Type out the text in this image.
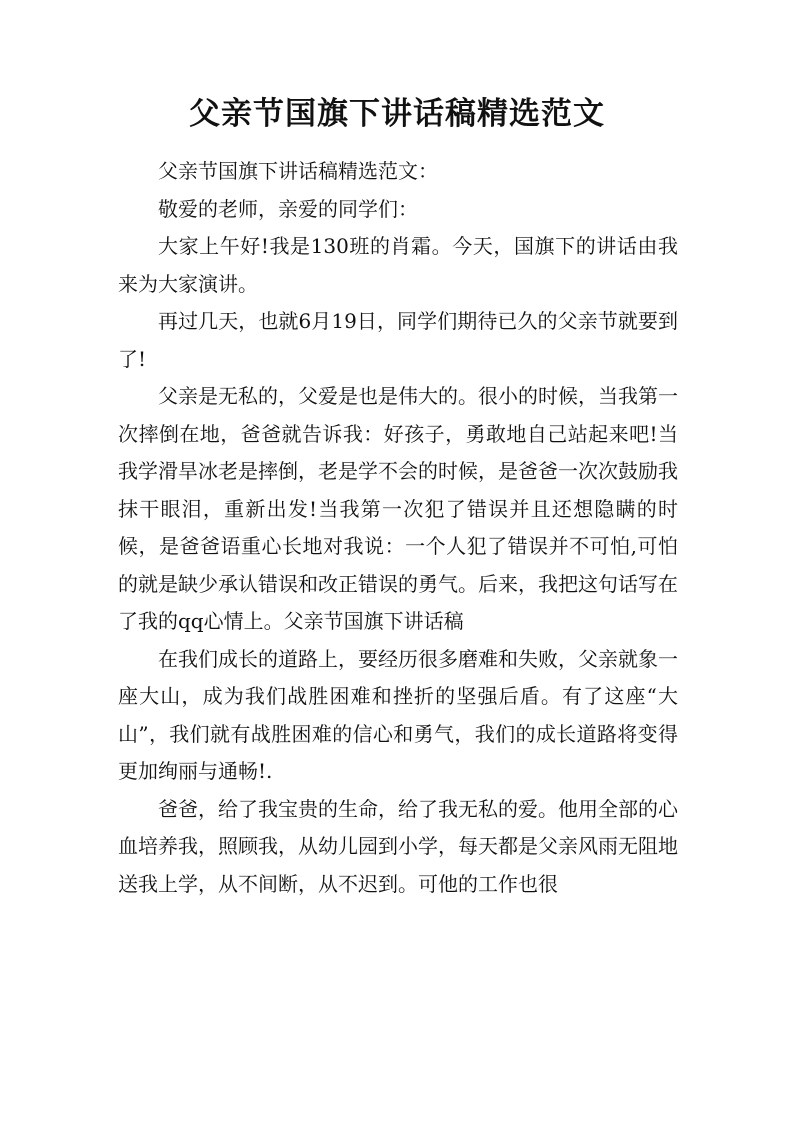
父亲节国旗下讲话稿精选范文

父亲节国旗下讲话稿精选范文：

敬爱的老师，亲爱的同学们：

大家上午好!我是130班的肖霜。今天，国旗下的讲话由我来为大家演讲。

再过几天，也就6月19日，同学们期待已久的父亲节就要到了!

父亲是无私的，父爱是也是伟大的。很小的时候，当我第一次摔倒在地，爸爸就告诉我：好孩子，勇敢地自己站起来吧!当我学滑旱冰老是摔倒，老是学不会的时候，是爸爸一次次鼓励我抹干眼泪，重新出发!当我第一次犯了错误并且还想隐瞒的时候，是爸爸语重心长地对我说：一个人犯了错误并不可怕,可怕的就是缺少承认错误和改正错误的勇气。后来，我把这句话写在了我的qq心情上。父亲节国旗下讲话稿

在我们成长的道路上，要经历很多磨难和失败，父亲就象一座大山，成为我们战胜困难和挫折的坚强后盾。有了这座“大山”，我们就有战胜困难的信心和勇气，我们的成长道路将变得更加绚丽与通畅!.

爸爸，给了我宝贵的生命，给了我无私的爱。他用全部的心血培养我，照顾我，从幼儿园到小学，每天都是父亲风雨无阻地送我上学，从不间断，从不迟到。可他的工作也很
